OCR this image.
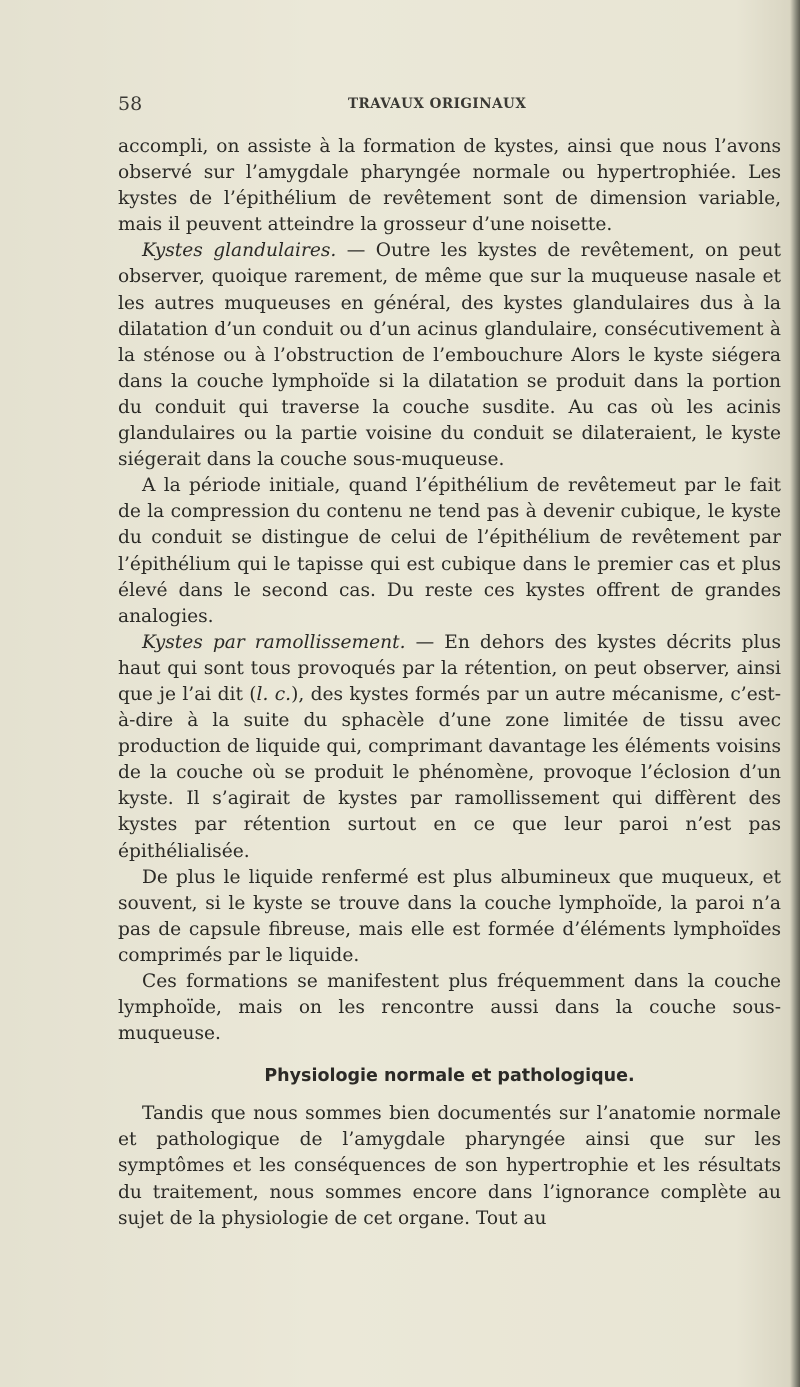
58	TRAVAUX ORIGINAUX

accompli, on assiste à la formation de kystes, ainsi que nous l’avons observé sur l’amygdale pharyngée normale ou hypertrophiée. Les kystes de l’épithélium de revêtement sont de dimension variable, mais il peuvent atteindre la grosseur d’une noisette.

Kystes glandulaires. — Outre les kystes de revêtement, on peut observer, quoique rarement, de même que sur la muqueuse nasale et les autres muqueuses en général, des kystes glandulaires dus à la dilatation d’un conduit ou d’un acinus glandulaire, consécutivement à la sténose ou à l’obstruction de l’embouchure Alors le kyste siégera dans la couche lymphoïde si la dilatation se produit dans la portion du conduit qui traverse la couche susdite. Au cas où les acinis glandulaires ou la partie voisine du conduit se dilateraient, le kyste siégerait dans la couche sous-muqueuse.

A la période initiale, quand l’épithélium de revêtemeut par le fait de la compression du contenu ne tend pas à devenir cubique, le kyste du conduit se distingue de celui de l’épithélium de revêtement par l’épithélium qui le tapisse qui est cubique dans le premier cas et plus élevé dans le second cas. Du reste ces kystes offrent de grandes analogies.

Kystes par ramollissement. — En dehors des kystes décrits plus haut qui sont tous provoqués par la rétention, on peut observer, ainsi que je l’ai dit (l. c.), des kystes formés par un autre mécanisme, c’est-à-dire à la suite du sphacèle d’une zone limitée de tissu avec production de liquide qui, comprimant davantage les éléments voisins de la couche où se produit le phénomène, provoque l’éclosion d’un kyste. Il s’agirait de kystes par ramollissement qui diffèrent des kystes par rétention surtout en ce que leur paroi n’est pas épithélialisée.

De plus le liquide renfermé est plus albumineux que muqueux, et souvent, si le kyste se trouve dans la couche lymphoïde, la paroi n’a pas de capsule fibreuse, mais elle est formée d’éléments lymphoïdes comprimés par le liquide.

Ces formations se manifestent plus fréquemment dans la couche lymphoïde, mais on les rencontre aussi dans la couche sous-muqueuse.

Physiologie normale et pathologique.

Tandis que nous sommes bien documentés sur l’anatomie normale et pathologique de l’amygdale pharyngée ainsi que sur les symptômes et les conséquences de son hypertrophie et les résultats du traitement, nous sommes encore dans l’ignorance complète au sujet de la physiologie de cet organe. Tout au
